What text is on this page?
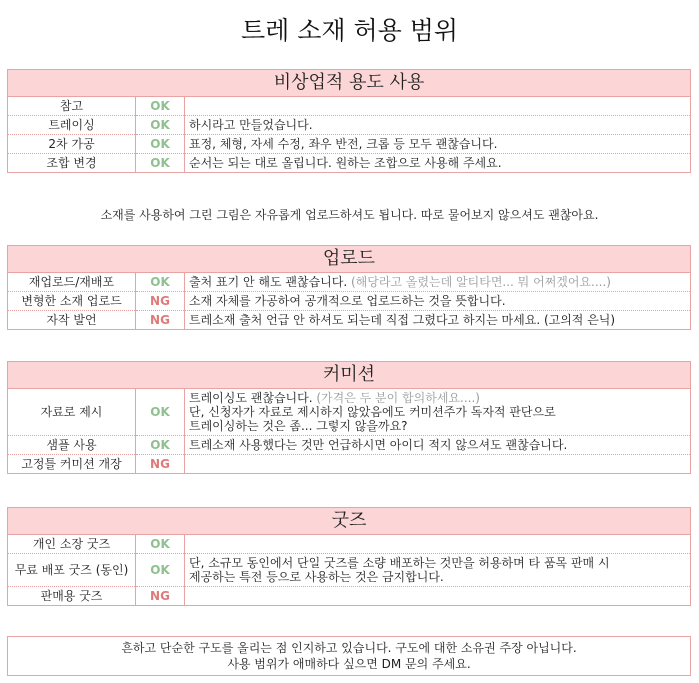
트레 소재 허용 범위
비상업적 용도 사용
참고	OK	
트레이싱	OK	하시라고 만들었습니다.
2차 가공	OK	표정, 체형, 자세 수정, 좌우 반전, 크롭 등 모두 괜찮습니다.
조합 변경	OK	순서는 되는 대로 올립니다. 원하는 조합으로 사용해 주세요.
소재를 사용하여 그린 그림은 자유롭게 업로드하셔도 됩니다. 따로 물어보지 않으셔도 괜찮아요.
업로드
재업로드/재배포	OK	출처 표기 안 해도 괜찮습니다. (해당라고 올렸는데 알티타면... 뭐 어쩌겠어요....)
변형한 소재 업로드	NG	소재 자체를 가공하여 공개적으로 업로드하는 것을 뜻합니다.
자작 발언	NG	트레소재 출처 언급 안 하셔도 되는데 직접 그렸다고 하지는 마세요. (고의적 은닉)
커미션
자료로 제시	OK	트레이싱도 괜찮습니다. (가격은 두 분이 합의하세요....)
단, 신청자가 자료로 제시하지 않았음에도 커미션주가 독자적 판단으로
트레이싱하는 것은 좀... 그렇지 않을까요?

샘플 사용	OK	트레소재 사용했다는 것만 언급하시면 아이디 적지 않으셔도 괜찮습니다.
고정틀 커미션 개장	NG	
굿즈
개인 소장 굿즈	OK	
무료 배포 굿즈 (동인)	OK	단, 소규모 동인에서 단일 굿즈를 소량 배포하는 것만을 허용하며 타 품목 판매 시
제공하는 특전 등으로 사용하는 것은 금지합니다.

판매용 굿즈	NG	
흔하고 단순한 구도를 올리는 점 인지하고 있습니다. 구도에 대한 소유권 주장 아닙니다.
사용 범위가 애매하다 싶으면 DM 문의 주세요.
